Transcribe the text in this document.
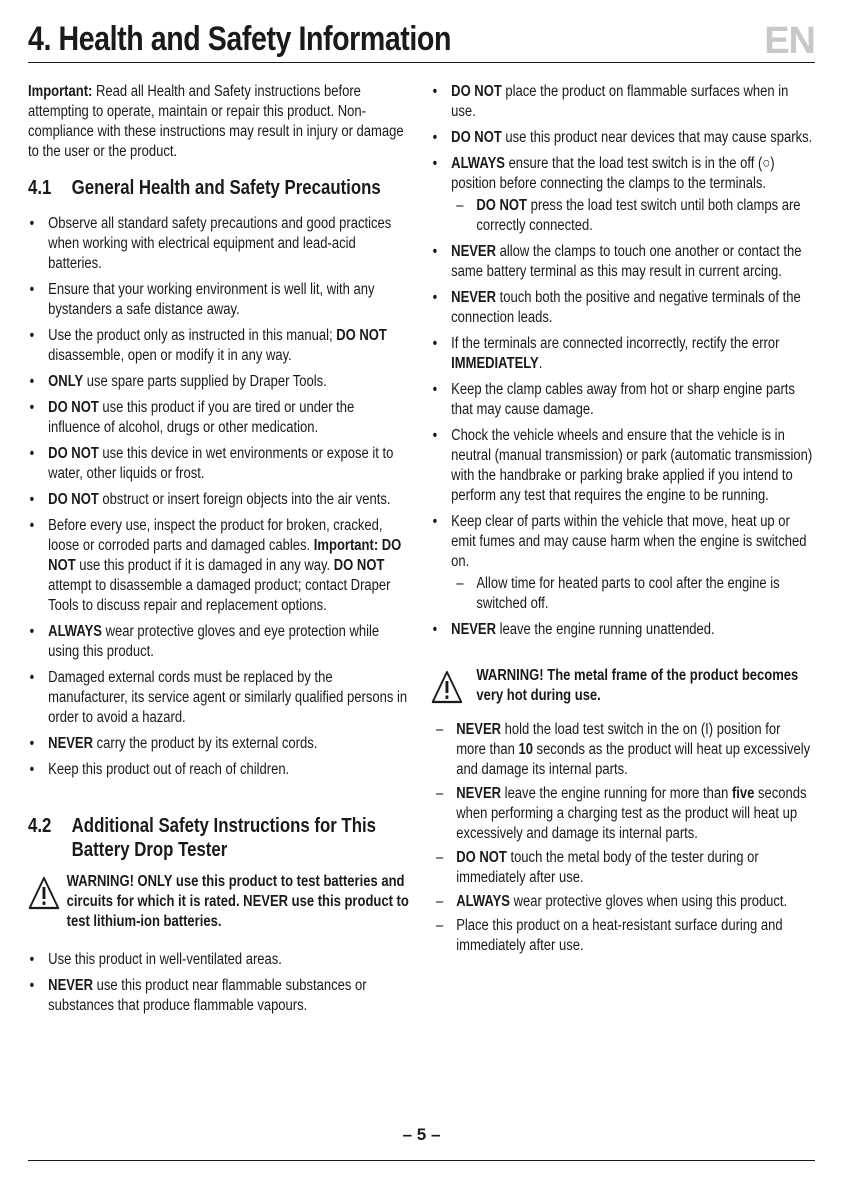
4. Health and Safety Information	EN

Important: Read all Health and Safety instructions before attempting to operate, maintain or repair this product. Non-compliance with these instructions may result in injury or damage to the user or the product.

4.1	General Health and Safety Precautions
• Observe all standard safety precautions and good practices when working with electrical equipment and lead-acid batteries.
• Ensure that your working environment is well lit, with any bystanders a safe distance away.
• Use the product only as instructed in this manual; DO NOT disassemble, open or modify it in any way.
• ONLY use spare parts supplied by Draper Tools.
• DO NOT use this product if you are tired or under the influence of alcohol, drugs or other medication.
• DO NOT use this device in wet environments or expose it to water, other liquids or frost.
• DO NOT obstruct or insert foreign objects into the air vents.
• Before every use, inspect the product for broken, cracked, loose or corroded parts and damaged cables. Important: DO NOT use this product if it is damaged in any way. DO NOT attempt to disassemble a damaged product; contact Draper Tools to discuss repair and replacement options.
• ALWAYS wear protective gloves and eye protection while using this product.
• Damaged external cords must be replaced by the manufacturer, its service agent or similarly qualified persons in order to avoid a hazard.
• NEVER carry the product by its external cords.
• Keep this product out of reach of children.
4.2	Additional Safety Instructions for This Battery Drop Tester
WARNING! ONLY use this product to test batteries and circuits for which it is rated. NEVER use this product to test lithium-ion batteries.
• Use this product in well-ventilated areas.
• NEVER use this product near flammable substances or substances that produce flammable vapours.
• DO NOT place the product on flammable surfaces when in use.
• DO NOT use this product near devices that may cause sparks.
• ALWAYS ensure that the load test switch is in the off (○) position before connecting the clamps to the terminals.
– DO NOT press the load test switch until both clamps are correctly connected.
• NEVER allow the clamps to touch one another or contact the same battery terminal as this may result in current arcing.
• NEVER touch both the positive and negative terminals of the connection leads.
• If the terminals are connected incorrectly, rectify the error IMMEDIATELY.
• Keep the clamp cables away from hot or sharp engine parts that may cause damage.
• Chock the vehicle wheels and ensure that the vehicle is in neutral (manual transmission) or park (automatic transmission) with the handbrake or parking brake applied if you intend to perform any test that requires the engine to be running.
• Keep clear of parts within the vehicle that move, heat up or emit fumes and may cause harm when the engine is switched on.
– Allow time for heated parts to cool after the engine is switched off.
• NEVER leave the engine running unattended.
WARNING! The metal frame of the product becomes very hot during use.
– NEVER hold the load test switch in the on (I) position for more than 10 seconds as the product will heat up excessively and damage its internal parts.
– NEVER leave the engine running for more than five seconds when performing a charging test as the product will heat up excessively and damage its internal parts.
– DO NOT touch the metal body of the tester during or immediately after use.
– ALWAYS wear protective gloves when using this product.
– Place this product on a heat-resistant surface during and immediately after use.
– 5 –
